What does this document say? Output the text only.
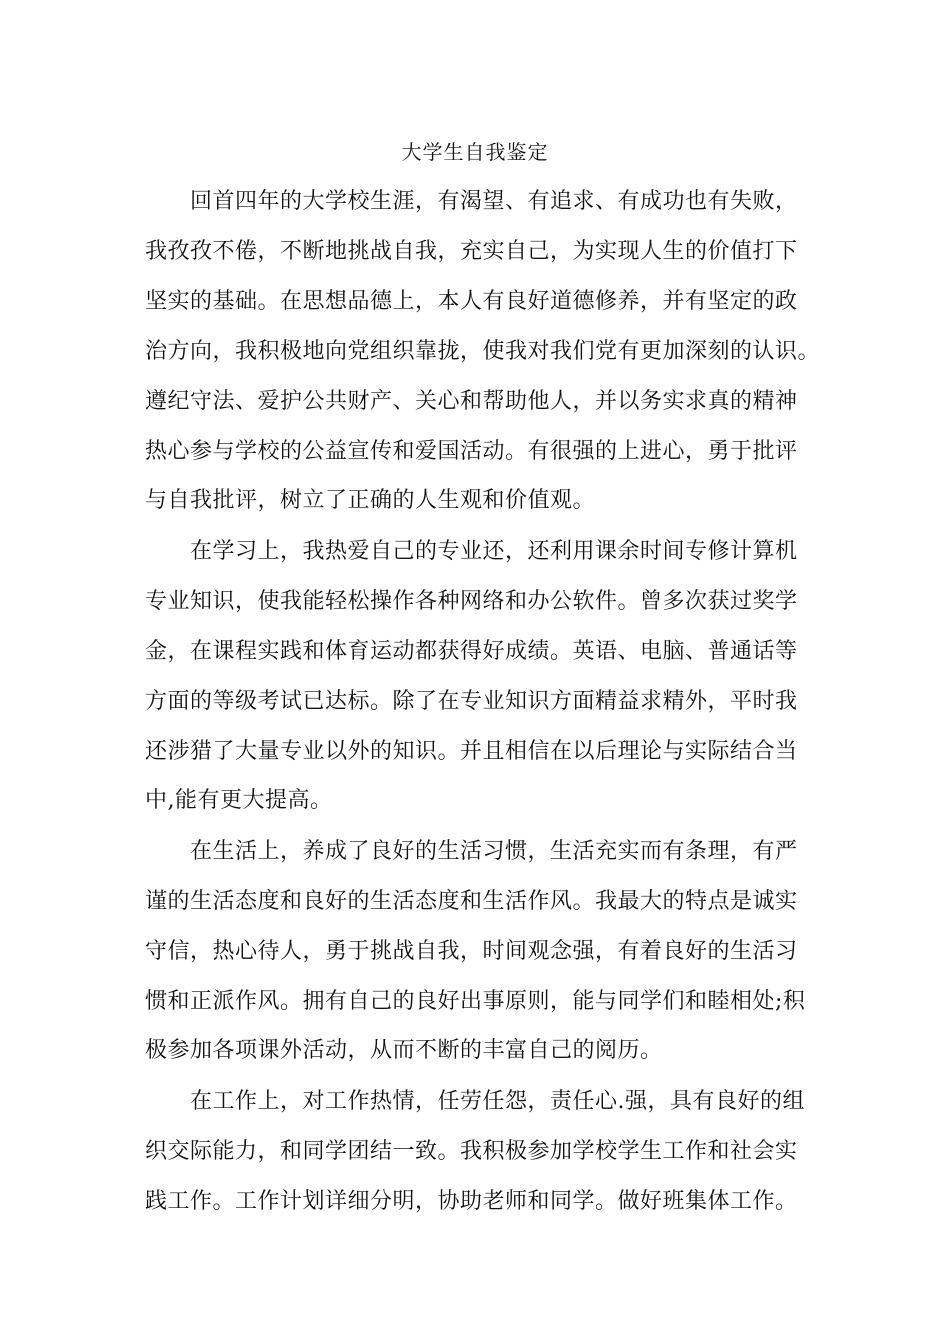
大学生自我鉴定
回首四年的大学校生涯，有渴望、有追求、有成功也有失败，
我孜孜不倦，不断地挑战自我，充实自己，为实现人生的价值打下
坚实的基础。在思想品德上，本人有良好道德修养，并有坚定的政
治方向，我积极地向党组织靠拢，使我对我们党有更加深刻的认识。
遵纪守法、爱护公共财产、关心和帮助他人，并以务实求真的精神
热心参与学校的公益宣传和爱国活动。有很强的上进心，勇于批评
与自我批评，树立了正确的人生观和价值观。
在学习上，我热爱自己的专业还，还利用课余时间专修计算机
专业知识，使我能轻松操作各种网络和办公软件。曾多次获过奖学
金，在课程实践和体育运动都获得好成绩。英语、电脑、普通话等
方面的等级考试已达标。除了在专业知识方面精益求精外，平时我
还涉猎了大量专业以外的知识。并且相信在以后理论与实际结合当
中,能有更大提高。
在生活上，养成了良好的生活习惯，生活充实而有条理，有严
谨的生活态度和良好的生活态度和生活作风。我最大的特点是诚实
守信，热心待人，勇于挑战自我，时间观念强，有着良好的生活习
惯和正派作风。拥有自己的良好出事原则，能与同学们和睦相处;积
极参加各项课外活动，从而不断的丰富自己的阅历。
在工作上，对工作热情，任劳任怨，责任心.强，具有良好的组
织交际能力，和同学团结一致。我积极参加学校学生工作和社会实
践工作。工作计划详细分明，协助老师和同学。做好班集体工作。
